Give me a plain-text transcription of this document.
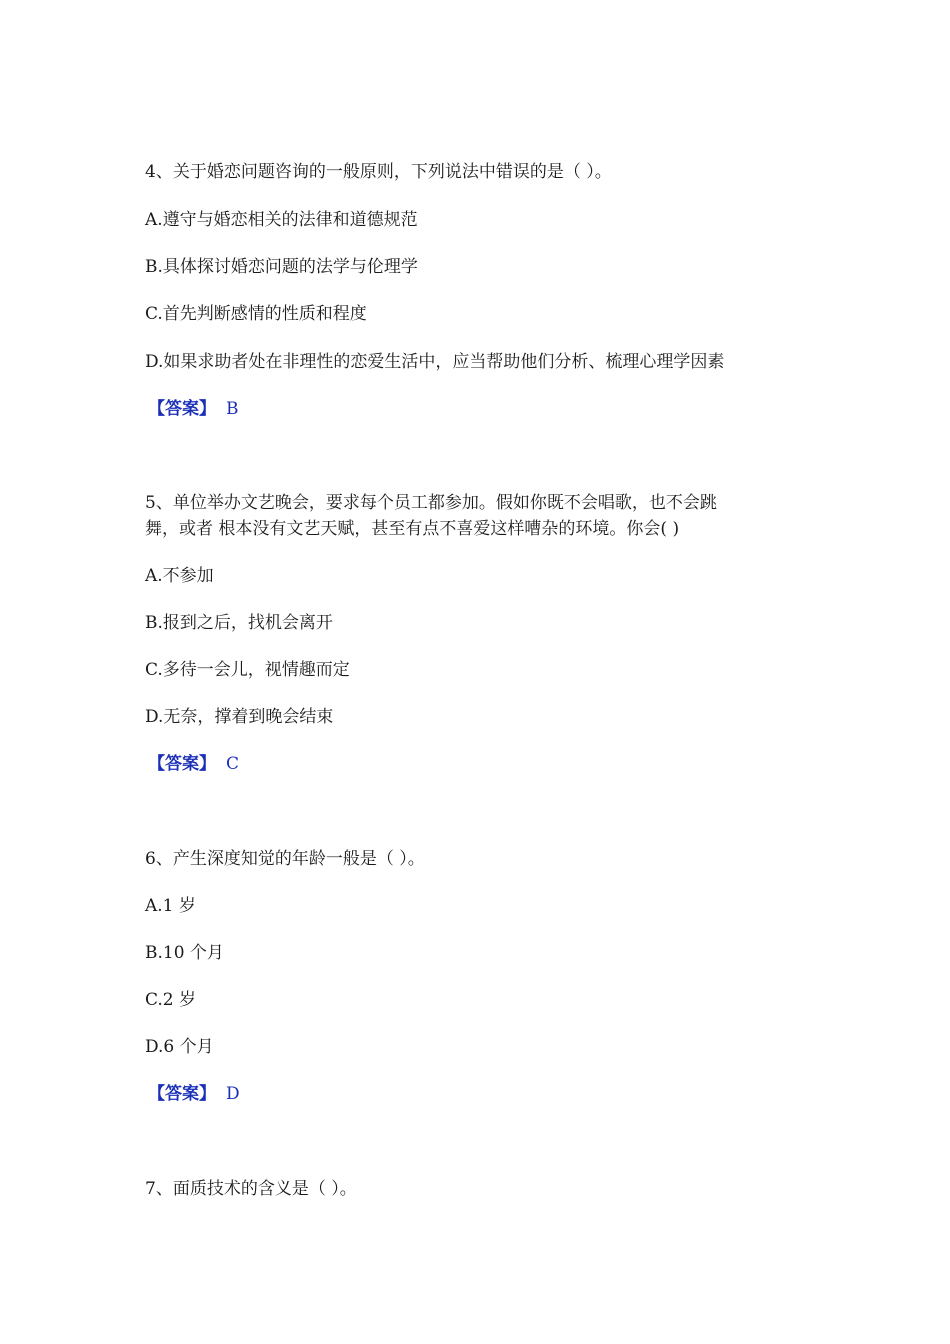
4、关于婚恋问题咨询的一般原则，下列说法中错误的是（ ）。

A.遵守与婚恋相关的法律和道德规范

B.具体探讨婚恋问题的法学与伦理学

C.首先判断感情的性质和程度

D.如果求助者处在非理性的恋爱生活中，应当帮助他们分析、梳理心理学因素

【答案】 B

5、单位举办文艺晚会，要求每个员工都参加。假如你既不会唱歌，也不会跳

舞，或者 根本没有文艺天赋，甚至有点不喜爱这样嘈杂的环境。你会( )

A.不参加

B.报到之后，找机会离开

C.多待一会儿，视情趣而定

D.无奈，撑着到晚会结束

【答案】 C

6、产生深度知觉的年龄一般是（ ）。

A.1 岁

B.10 个月

C.2 岁

D.6 个月

【答案】 D

7、面质技术的含义是（ ）。
